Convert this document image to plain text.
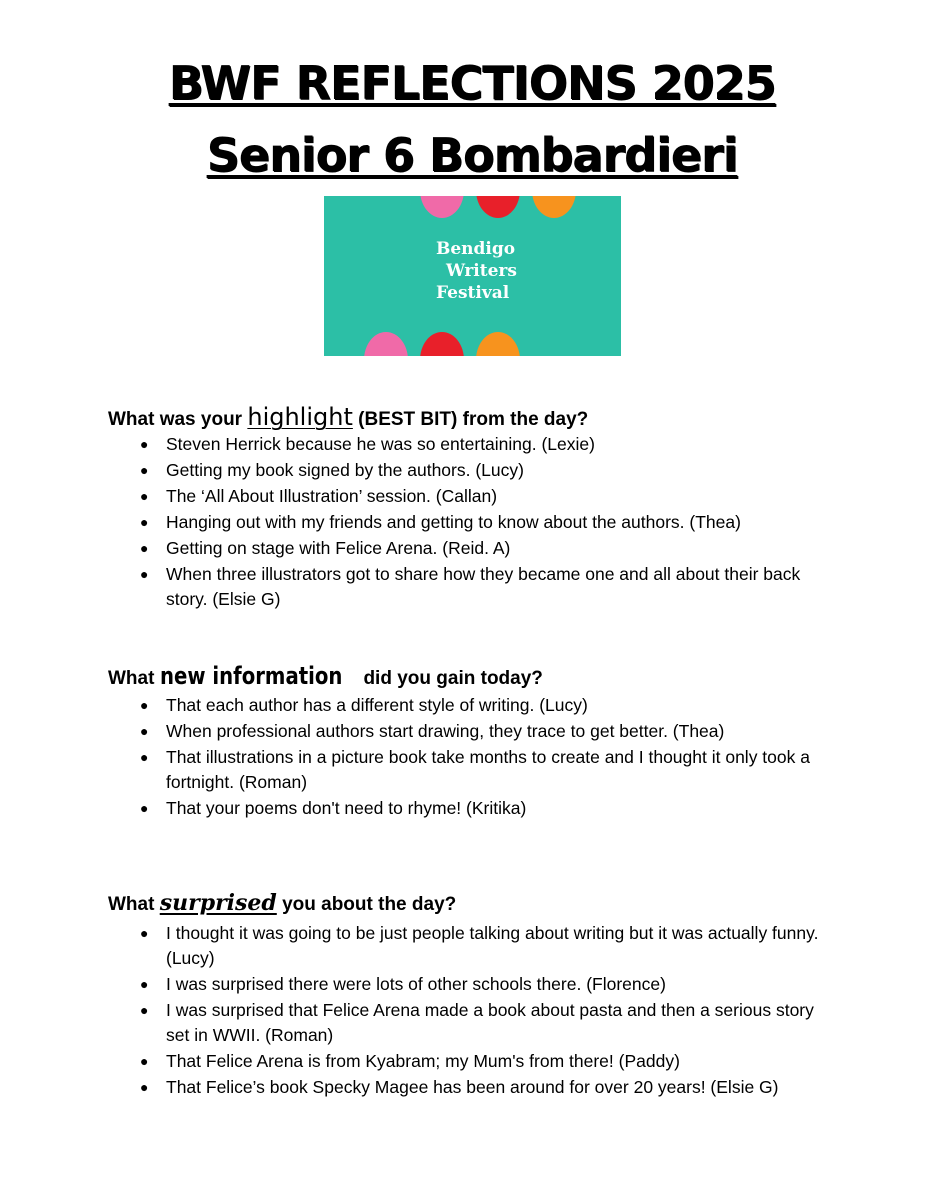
BWF REFLECTIONS 2025
Senior 6 Bombardieri
Bendigo
Writers
Festival
What was your highlight (BEST BIT) from the day?
● Steven Herrick because he was so entertaining. (Lexie)
● Getting my book signed by the authors. (Lucy)
● The ‘All About Illustration’ session. (Callan)
● Hanging out with my friends and getting to know about the authors. (Thea)
● Getting on stage with Felice Arena. (Reid. A)
● When three illustrators got to share how they became one and all about their back story. (Elsie G)
What new information did you gain today?
● That each author has a different style of writing. (Lucy)
● When professional authors start drawing, they trace to get better. (Thea)
● That illustrations in a picture book take months to create and I thought it only took a fortnight. (Roman)
● That your poems don't need to rhyme! (Kritika)
What surprised you about the day?
● I thought it was going to be just people talking about writing but it was actually funny. (Lucy)
● I was surprised there were lots of other schools there. (Florence)
● I was surprised that Felice Arena made a book about pasta and then a serious story set in WWII. (Roman)
● That Felice Arena is from Kyabram; my Mum's from there! (Paddy)
● That Felice’s book Specky Magee has been around for over 20 years! (Elsie G)
